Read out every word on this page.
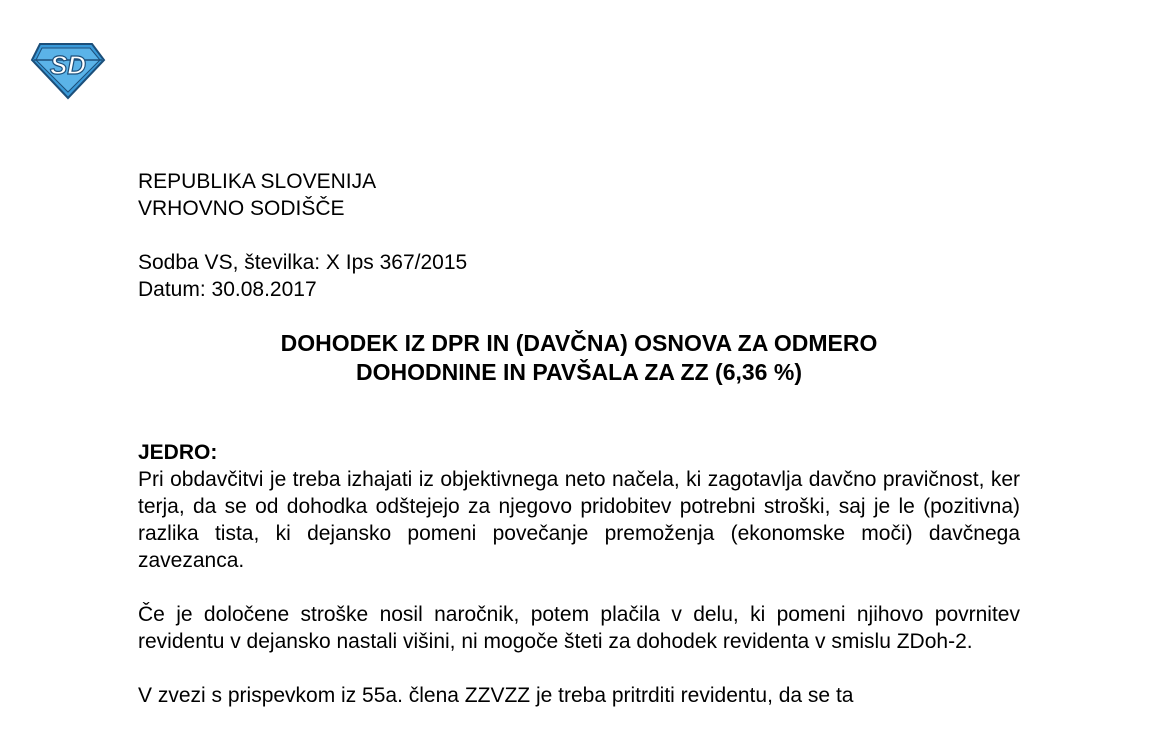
SD
REPUBLIKA SLOVENIJA
VRHOVNO SODIŠČE
Sodba VS, številka: X Ips 367/2015
Datum: 30.08.2017
DOHODEK IZ DPR IN (DAVČNA) OSNOVA ZA ODMERO
DOHODNINE IN PAVŠALA ZA ZZ (6,36 %)
JEDRO:

Pri obdavčitvi je treba izhajati iz objektivnega neto načela, ki zagotavlja davčno pravičnost, ker terja, da se od dohodka odštejejo za njegovo pridobitev potrebni stroški, saj je le (pozitivna) razlika tista, ki dejansko pomeni povečanje premoženja (ekonomske moči) davčnega zavezanca.

Če je določene stroške nosil naročnik, potem plačila v delu, ki pomeni njihovo povrnitev revidentu v dejansko nastali višini, ni mogoče šteti za dohodek revidenta v smislu ZDoh-2.

V zvezi s prispevkom iz 55a. člena ZZVZZ je treba pritrditi revidentu, da se ta
